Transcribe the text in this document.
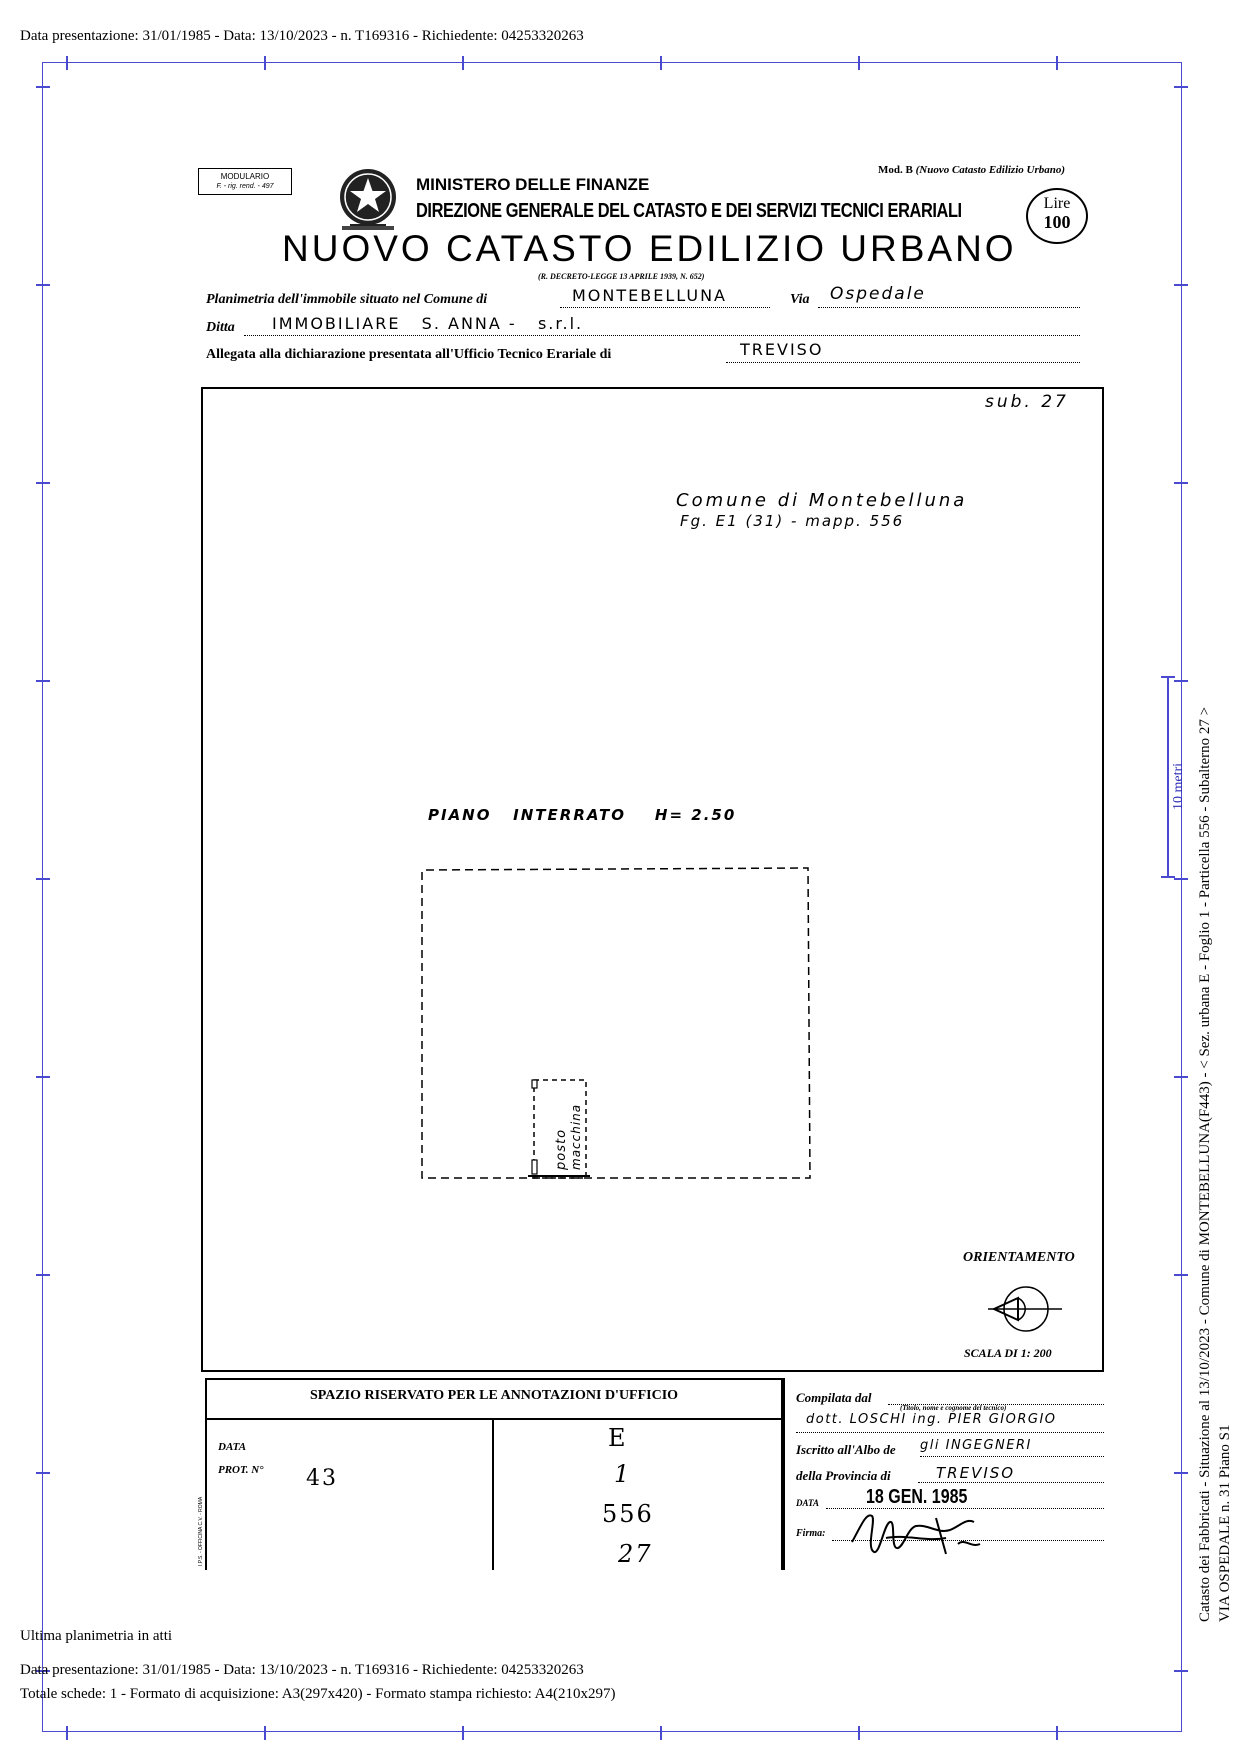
Data presentazione: 31/01/1985 - Data: 13/10/2023 - n. T169316 - Richiedente: 04253320263
10 metri Catasto dei Fabbricati - Situazione al 13/10/2023 - Comune di MONTEBELLUNA(F443) - < Sez. urbana E - Foglio 1 - Particella 556 - Subalterno 27 > VIA OSPEDALE n. 31 Piano S1
MODULARIO
F. - rig. rend. - 497
Mod. B (Nuovo Catasto Edilizio Urbano)
MINISTERO DELLE FINANZE
DIREZIONE GENERALE DEL CATASTO E DEI SERVIZI TECNICI ERARIALI	Lire
100
NUOVO CATASTO EDILIZIO URBANO
(R. DECRETO-LEGGE 13 APRILE 1939, N. 652)
Planimetria dell'immobile situato nel Comune di	MONTEBELLUNA	Via Ospedale
Ditta IMMOBILIARE   S. ANNA -   s.r.l.
Allegata alla dichiarazione presentata all'Ufficio Tecnico Erariale di	TREVISO
sub. 27
Comune di Montebelluna
Fg. E1 (31) - mapp. 556
PIANO   INTERRATO    H= 2.50
posto macchina
ORIENTAMENTO
SCALA DI 1: 200
SPAZIO RISERVATO PER LE ANNOTAZIONI D'UFFICIO
DATA
PROT. N° 43
I.P.S. - OFFICINA C.V. - ROMA
E
1
556
27
Compilata dal
(Titolo, nome e cognome del tecnico)
dott. LOSCHI ing. PIER GIORGIO
Iscritto all'Albo de gli INGEGNERI
della Provincia di	TREVISO
DATA 18 GEN. 1985
Firma:
Ultima planimetria in atti
Data presentazione: 31/01/1985 - Data: 13/10/2023 - n. T169316 - Richiedente: 04253320263
Totale schede: 1 - Formato di acquisizione: A3(297x420) - Formato stampa richiesto: A4(210x297)
